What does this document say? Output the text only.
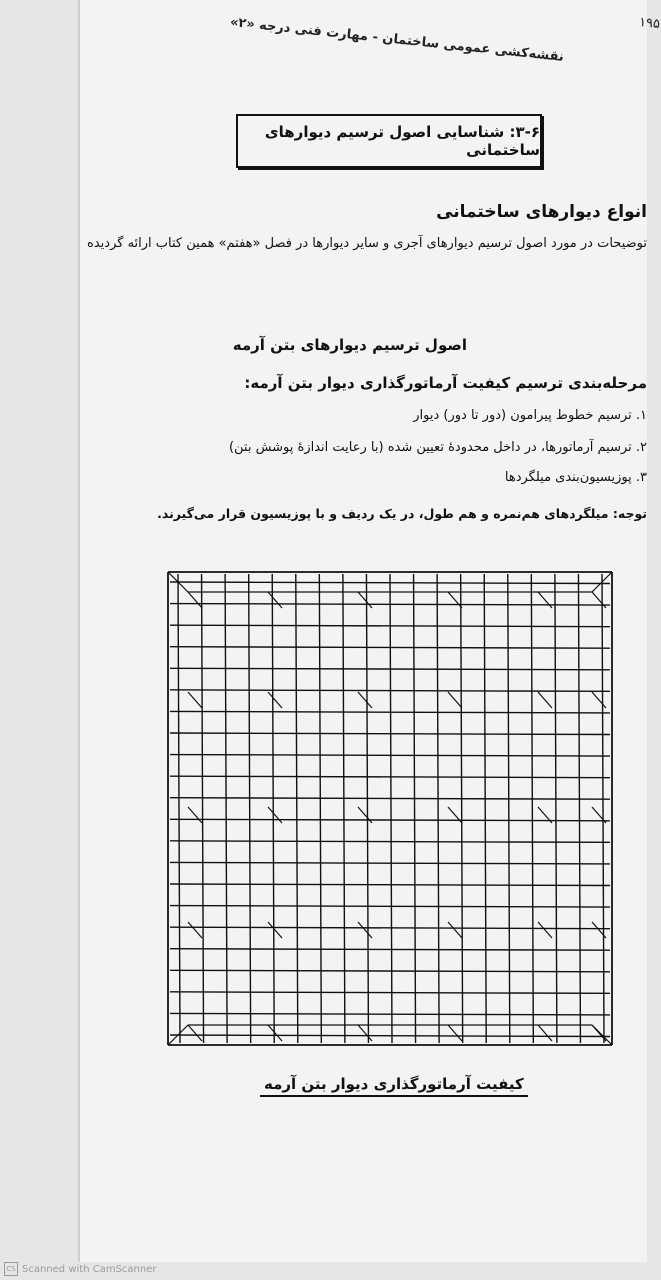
نقشه‌کشی عمومی ساختمان - مهارت فنی درجه «۲»	۱۹۵
۳-۶: شناسایی اصول ترسیم دیوارهای ساختمانی
انواع دیوارهای ساختمانی
توضیحات در مورد اصول ترسیم دیوارهای آجری و سایر دیوارها در فصل «هفتم» همین کتاب ارائه گردیده
اصول ترسیم دیوارهای بتن آرمه
مرحله‌بندی ترسیم کیفیت آرماتورگذاری دیوار بتن آرمه:
۱. ترسیم خطوط پیرامون (دور تا دور) دیوار
۲. ترسیم آرماتورها، در داخل محدودهٔ تعیین شده (با رعایت اندازهٔ پوشش بتن)
۳. پوزیسیون‌بندی میلگردها
توجه: میلگردهای هم‌نمره و هم طول، در یک ردیف و با پوزیسیون قرار می‌گیرند.
کیفیت آرماتورگذاری دیوار بتن آرمه
CS Scanned with CamScanner
